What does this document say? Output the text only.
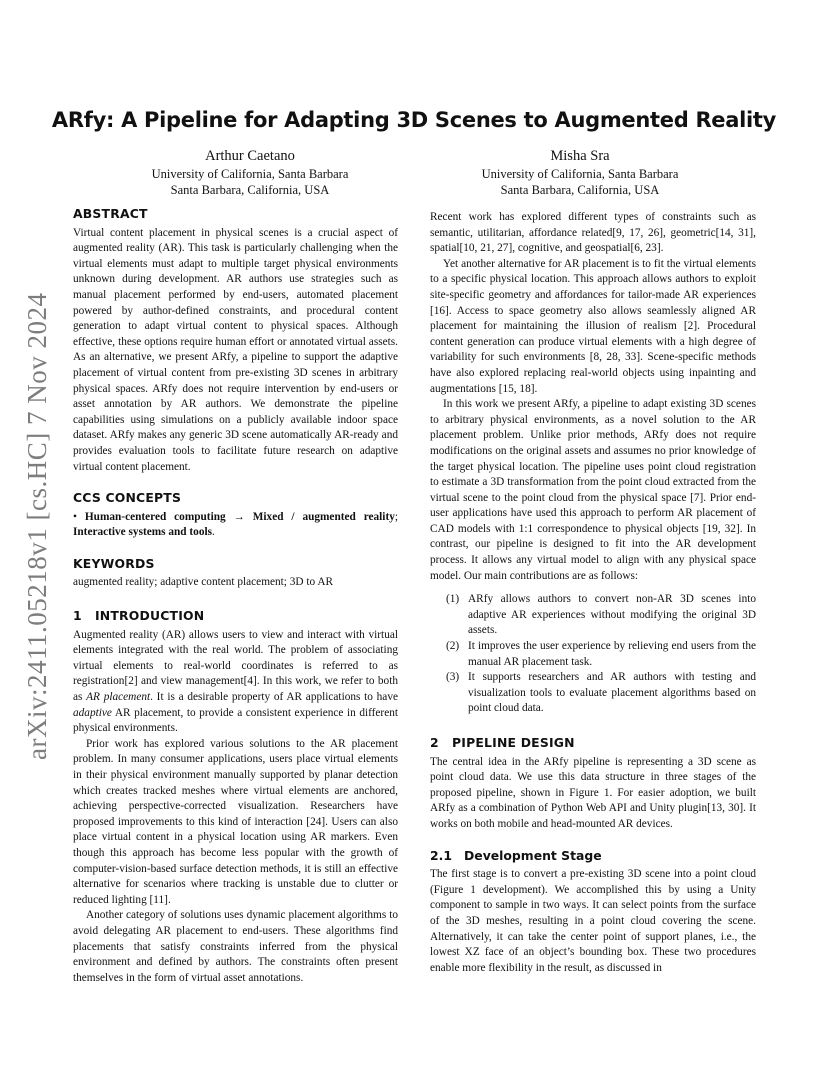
arXiv:2411.05218v1 [cs.HC] 7 Nov 2024
ARfy: A Pipeline for Adapting 3D Scenes to Augmented Reality
Arthur Caetano
University of California, Santa Barbara
Santa Barbara, California, USA
Misha Sra
University of California, Santa Barbara
Santa Barbara, California, USA
ABSTRACT

Virtual content placement in physical scenes is a crucial aspect of augmented reality (AR). This task is particularly challenging when the virtual elements must adapt to multiple target physical environments unknown during development. AR authors use strategies such as manual placement performed by end-users, automated placement powered by author-defined constraints, and procedural content generation to adapt virtual content to physical spaces. Although effective, these options require human effort or annotated virtual assets. As an alternative, we present ARfy, a pipeline to support the adaptive placement of virtual content from pre-existing 3D scenes in arbitrary physical spaces. ARfy does not require intervention by end-users or asset annotation by AR authors. We demonstrate the pipeline capabilities using simulations on a publicly available indoor space dataset. ARfy makes any generic 3D scene automatically AR-ready and provides evaluation tools to facilitate future research on adaptive virtual content placement.

CCS CONCEPTS

• Human-centered computing → Mixed / augmented reality; Interactive systems and tools.

KEYWORDS

augmented reality; adaptive content placement; 3D to AR

1 INTRODUCTION

Augmented reality (AR) allows users to view and interact with virtual elements integrated with the real world. The problem of associating virtual elements to real-world coordinates is referred to as registration[2] and view management[4]. In this work, we refer to both as AR placement. It is a desirable property of AR applications to have adaptive AR placement, to provide a consistent experience in different physical environments.

Prior work has explored various solutions to the AR placement problem. In many consumer applications, users place virtual elements in their physical environment manually supported by planar detection which creates tracked meshes where virtual elements are anchored, achieving perspective-corrected visualization. Researchers have proposed improvements to this kind of interaction [24]. Users can also place virtual content in a physical location using AR markers. Even though this approach has become less popular with the growth of computer-vision-based surface detection methods, it is still an effective alternative for scenarios where tracking is unstable due to clutter or reduced lighting [11].

Another category of solutions uses dynamic placement algorithms to avoid delegating AR placement to end-users. These algorithms find placements that satisfy constraints inferred from the physical environment and defined by authors. The constraints often present themselves in the form of virtual asset annotations.

Recent work has explored different types of constraints such as semantic, utilitarian, affordance related[9, 17, 26], geometric[14, 31], spatial[10, 21, 27], cognitive, and geospatial[6, 23].

Yet another alternative for AR placement is to fit the virtual elements to a specific physical location. This approach allows authors to exploit site-specific geometry and affordances for tailor-made AR experiences [16]. Access to space geometry also allows seamlessly aligned AR placement for maintaining the illusion of realism [2]. Procedural content generation can produce virtual elements with a high degree of variability for such environments [8, 28, 33]. Scene-specific methods have also explored replacing real-world objects using inpainting and augmentations [15, 18].

In this work we present ARfy, a pipeline to adapt existing 3D scenes to arbitrary physical environments, as a novel solution to the AR placement problem. Unlike prior methods, ARfy does not require modifications on the original assets and assumes no prior knowledge of the target physical location. The pipeline uses point cloud registration to estimate a 3D transformation from the point cloud extracted from the virtual scene to the point cloud from the physical space [7]. Prior end-user applications have used this approach to perform AR placement of CAD models with 1:1 correspondence to physical objects [19, 32]. In contrast, our pipeline is designed to fit into the AR development process. It allows any virtual model to align with any physical space model. Our main contributions are as follows:

(1) ARfy allows authors to convert non-AR 3D scenes into adaptive AR experiences without modifying the original 3D assets.
(2) It improves the user experience by relieving end users from the manual AR placement task.
(3) It supports researchers and AR authors with testing and visualization tools to evaluate placement algorithms based on point cloud data.
2 PIPELINE DESIGN

The central idea in the ARfy pipeline is representing a 3D scene as point cloud data. We use this data structure in three stages of the proposed pipeline, shown in Figure 1. For easier adoption, we built ARfy as a combination of Python Web API and Unity plugin[13, 30]. It works on both mobile and head-mounted AR devices.

2.1 Development Stage

The first stage is to convert a pre-existing 3D scene into a point cloud (Figure 1 development). We accomplished this by using a Unity component to sample in two ways. It can select points from the surface of the 3D meshes, resulting in a point cloud covering the scene. Alternatively, it can take the center point of support planes, i.e., the lowest XZ face of an object’s bounding box. These two procedures enable more flexibility in the result, as discussed in
